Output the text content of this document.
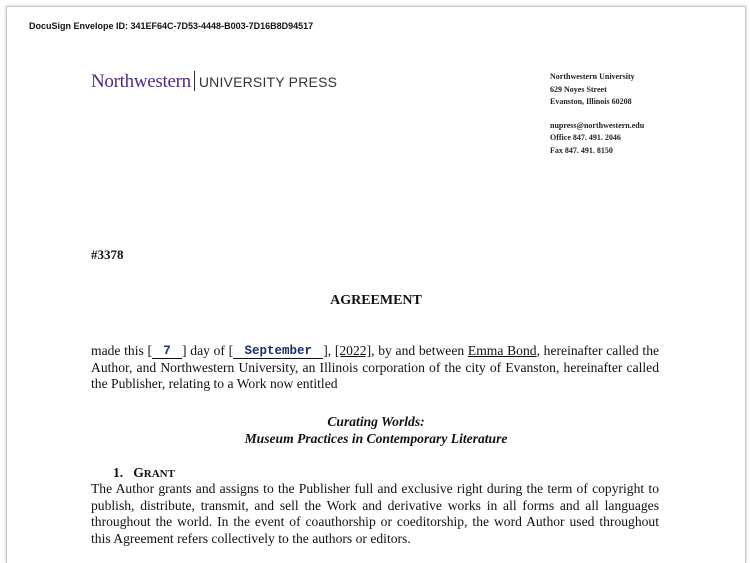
DocuSign Envelope ID: 341EF64C-7D53-4448-B003-7D16B8D94517
Northwestern UNIVERSITY PRESS	Northwestern University
629 Noyes Street
Evanston, Illinois 60208
nupress@northwestern.edu
Office 847. 491. 2046
Fax 847. 491. 8150
#3378
AGREEMENT
made this [ 7 ] day of [ September ], [2022], by and between Emma Bond, hereinafter called the Author, and Northwestern University, an Illinois corporation of the city of Evanston, hereinafter called the Publisher, relating to a Work now entitled
Curating Worlds:
Museum Practices in Contemporary Literature
1. GRANT
The Author grants and assigns to the Publisher full and exclusive right during the term of copyright to publish, distribute, transmit, and sell the Work and derivative works in all forms and all languages throughout the world. In the event of coauthorship or coeditorship, the word Author used throughout this Agreement refers collectively to the authors or editors.
